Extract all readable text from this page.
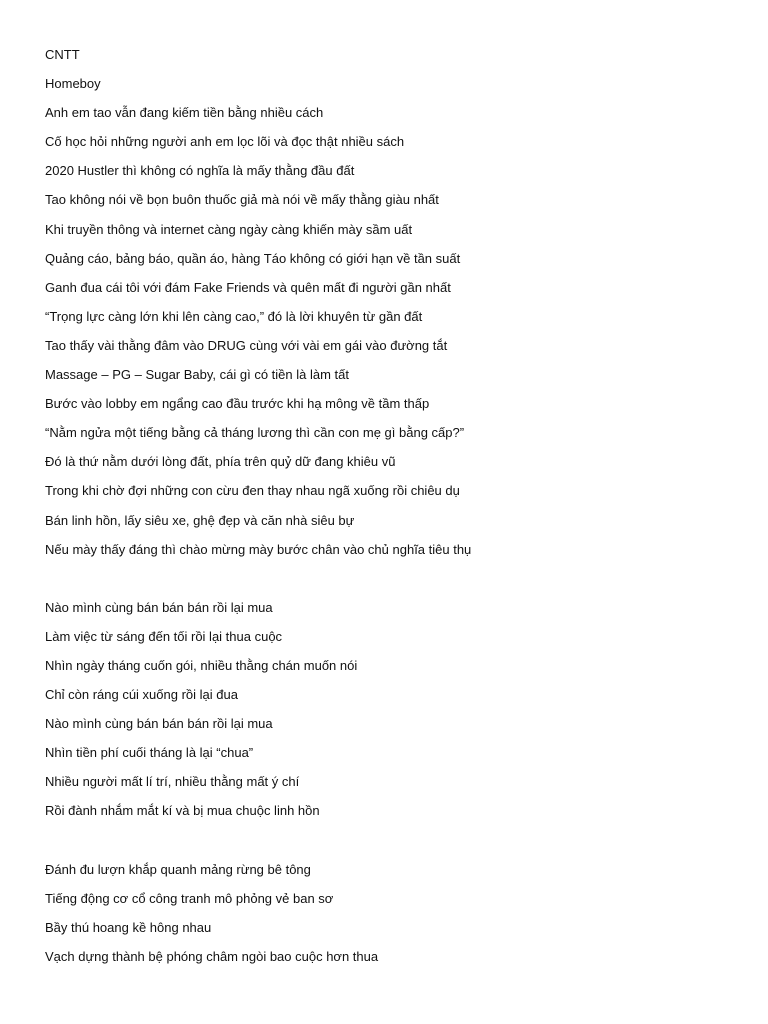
CNTT
Homeboy
Anh em tao vẫn đang kiếm tiền bằng nhiều cách
Cố học hỏi những người anh em lọc lõi và đọc thật nhiều sách
2020 Hustler thì không có nghĩa là mấy thằng đầu đất
Tao không nói về bọn buôn thuốc giả mà nói về mấy thằng giàu nhất
Khi truyền thông và internet càng ngày càng khiến mày sầm uất
Quảng cáo, bảng báo, quần áo, hàng Táo không có giới hạn về tần suất
Ganh đua cái tôi với đám Fake Friends và quên mất đi người gần nhất
“Trọng lực càng lớn khi lên càng cao,” đó là lời khuyên từ gần đất
Tao thấy vài thằng đâm vào DRUG cùng với vài em gái vào đường tắt
Massage – PG – Sugar Baby, cái gì có tiền là làm tất
Bước vào lobby em ngẩng cao đầu trước khi hạ mông về tầm thấp
“Nằm ngửa một tiếng bằng cả tháng lương thì cần con mẹ gì bằng cấp?”
Đó là thứ nằm dưới lòng đất, phía trên quỷ dữ đang khiêu vũ
Trong khi chờ đợi những con cừu đen thay nhau ngã xuống rồi chiêu dụ
Bán linh hồn, lấy siêu xe, ghệ đẹp và căn nhà siêu bự
Nếu mày thấy đáng thì chào mừng mày bước chân vào chủ nghĩa tiêu thụ
Nào mình cùng bán bán bán rồi lại mua
Làm việc từ sáng đến tối rồi lại thua cuộc
Nhìn ngày tháng cuốn gói, nhiều thằng chán muốn nói
Chỉ còn ráng cúi xuống rồi lại đua
Nào mình cùng bán bán bán rồi lại mua
Nhìn tiền phí cuối tháng là lại “chua”
Nhiều người mất lí trí, nhiều thằng mất ý chí
Rồi đành nhắm mắt kí và bị mua chuộc linh hồn
Đánh đu lượn khắp quanh mảng rừng bê tông
Tiếng động cơ cổ công tranh mô phỏng vẻ ban sơ
Bầy thú hoang kề hông nhau
Vạch dựng thành bệ phóng châm ngòi bao cuộc hơn thua
